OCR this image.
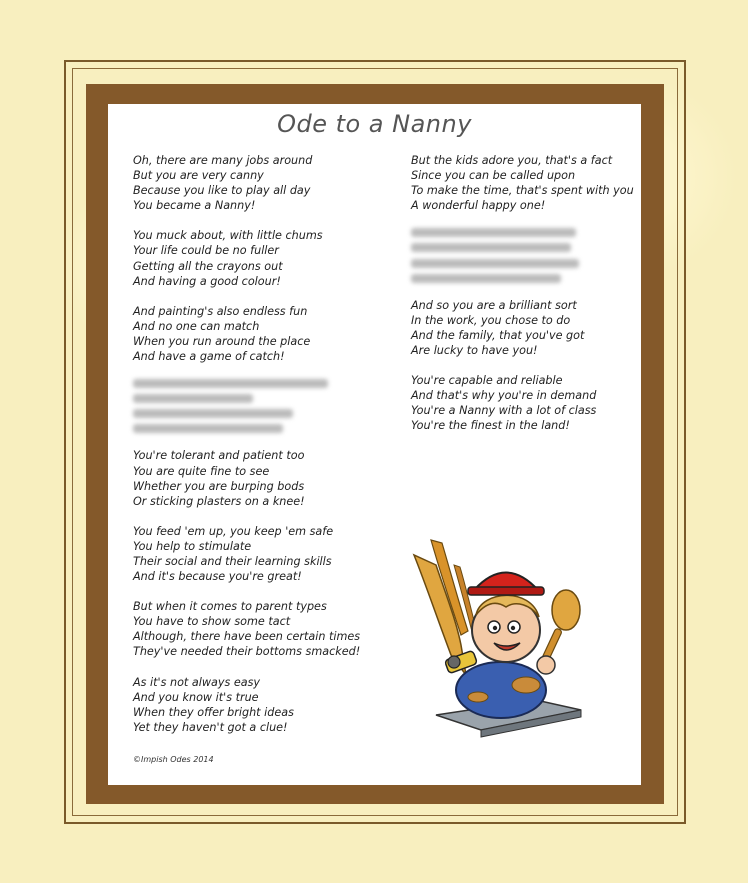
Ode to a Nanny
Oh, there are many jobs around
But you are very canny
Because you like to play all day
You became a Nanny!
You muck about, with little chums
Your life could be no fuller
Getting all the crayons out
And having a good colour!
And painting's also endless fun
And no one can match
When you run around the place
And have a game of catch!
You're tolerant and patient too
You are quite fine to see
Whether you are burping bods
Or sticking plasters on a knee!
You feed 'em up, you keep 'em safe
You help to stimulate
Their social and their learning skills
And it's because you're great!
But when it comes to parent types
You have to show some tact
Although, there have been certain times
They've needed their bottoms smacked!
As it's not always easy
And you know it's true
When they offer bright ideas
Yet they haven't got a clue!
But the kids adore you, that's a fact
Since you can be called upon
To make the time, that's spent with you
A wonderful happy one!
And so you are a brilliant sort
In the work, you chose to do
And the family, that you've got
Are lucky to have you!
You're capable and reliable
And that's why you're in demand
You're a Nanny with a lot of class
You're the finest in the land!
©Impish Odes 2014
